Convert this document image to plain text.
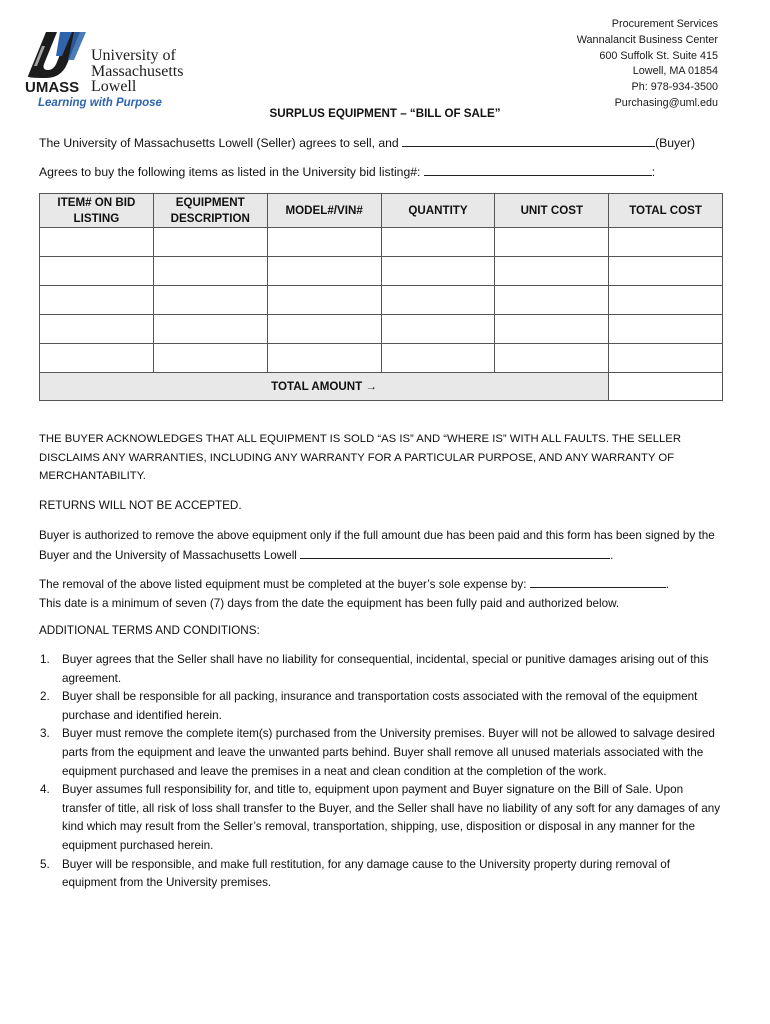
University of
Massachusetts
Lowell
UMASS
Learning with Purpose
Procurement Services
Wannalancit Business Center
600 Suffolk St. Suite 415
Lowell, MA 01854
Ph: 978-934-3500
Purchasing@uml.edu
SURPLUS EQUIPMENT – “BILL OF SALE”
The University of Massachusetts Lowell (Seller) agrees to sell, and	(Buyer)
Agrees to buy the following items as listed in the University bid listing#:	:
ITEM# ON BID LISTING	EQUIPMENT DESCRIPTION	MODEL#/VIN#	QUANTITY	UNIT COST	TOTAL COST

TOTAL AMOUNT →					
THE BUYER ACKNOWLEDGES THAT ALL EQUIPMENT IS SOLD “AS IS” AND “WHERE IS” WITH ALL FAULTS. THE SELLER DISCLAIMS ANY WARRANTIES, INCLUDING ANY WARRANTY FOR A PARTICULAR PURPOSE, AND ANY WARRANTY OF MERCHANTABILITY.
RETURNS WILL NOT BE ACCEPTED.
Buyer is authorized to remove the above equipment only if the full amount due has been paid and this form has been signed by the Buyer and the University of Massachusetts Lowell	.
The removal of the above listed equipment must be completed at the buyer’s sole expense by:	.
This date is a minimum of seven (7) days from the date the equipment has been fully paid and authorized below.
ADDITIONAL TERMS AND CONDITIONS:
1. Buyer agrees that the Seller shall have no liability for consequential, incidental, special or punitive damages arising out of this agreement.
2. Buyer shall be responsible for all packing, insurance and transportation costs associated with the removal of the equipment purchase and identified herein.
3. Buyer must remove the complete item(s) purchased from the University premises. Buyer will not be allowed to salvage desired parts from the equipment and leave the unwanted parts behind. Buyer shall remove all unused materials associated with the equipment purchased and leave the premises in a neat and clean condition at the completion of the work.
4. Buyer assumes full responsibility for, and title to, equipment upon payment and Buyer signature on the Bill of Sale. Upon transfer of title, all risk of loss shall transfer to the Buyer, and the Seller shall have no liability of any soft for any damages of any kind which may result from the Seller’s removal, transportation, shipping, use, disposition or disposal in any manner for the equipment purchased herein.
5. Buyer will be responsible, and make full restitution, for any damage cause to the University property during removal of equipment from the University premises.
